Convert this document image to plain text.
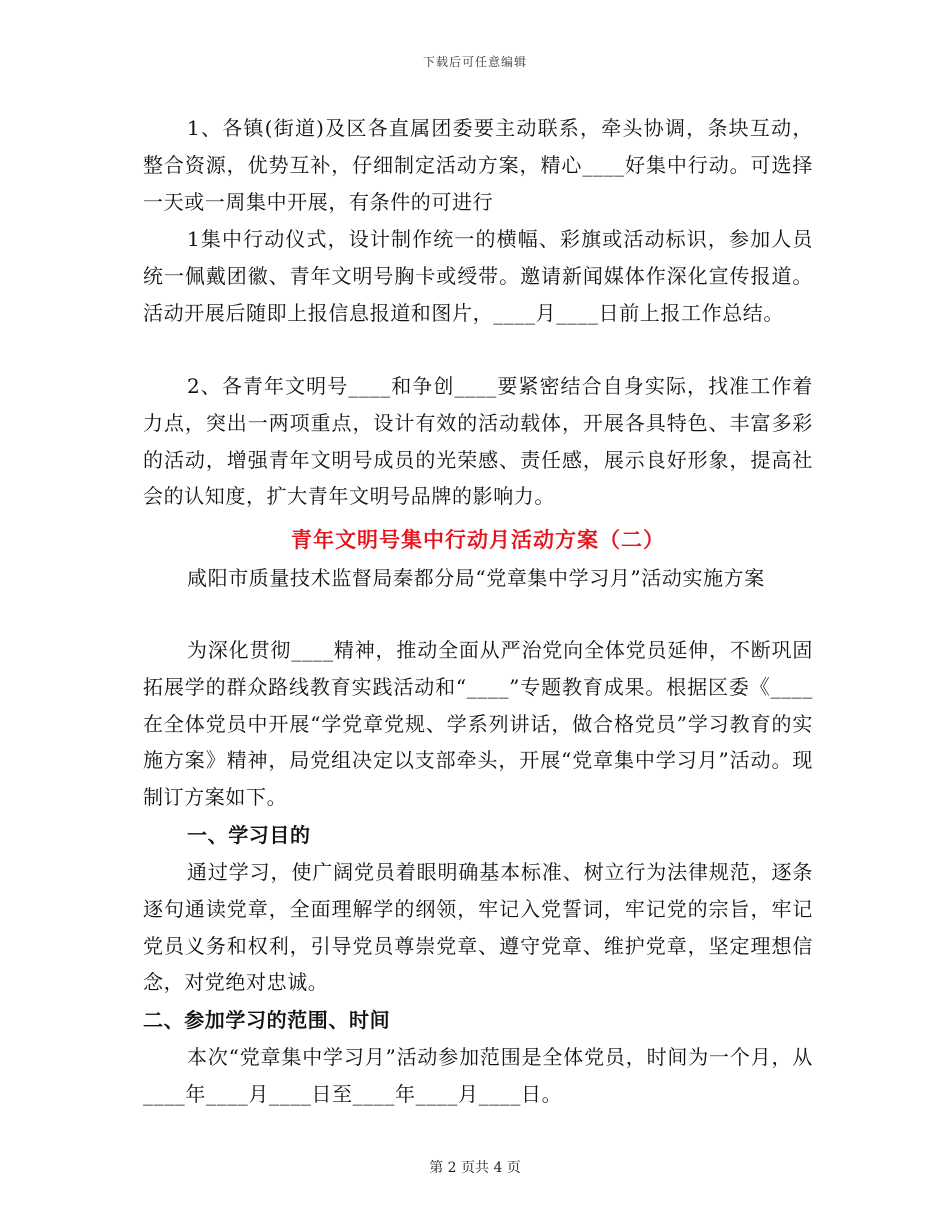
下载后可任意编辑

1、各镇(街道)及区各直属团委要主动联系，牵头协调，条块互动，整合资源，优势互补，仔细制定活动方案，精心____好集中行动。可选择一天或一周集中开展，有条件的可进行

1集中行动仪式，设计制作统一的横幅、彩旗或活动标识，参加人员统一佩戴团徽、青年文明号胸卡或绶带。邀请新闻媒体作深化宣传报道。活动开展后随即上报信息报道和图片，____月____日前上报工作总结。

2、各青年文明号____和争创____要紧密结合自身实际，找准工作着力点，突出一两项重点，设计有效的活动载体，开展各具特色、丰富多彩的活动，增强青年文明号成员的光荣感、责任感，展示良好形象，提高社会的认知度，扩大青年文明号品牌的影响力。

青年文明号集中行动月活动方案（二）

咸阳市质量技术监督局秦都分局“党章集中学习月”活动实施方案

为深化贯彻____精神，推动全面从严治党向全体党员延伸，不断巩固拓展学的群众路线教育实践活动和“____”专题教育成果。根据区委《____在全体党员中开展“学党章党规、学系列讲话，做合格党员”学习教育的实施方案》精神，局党组决定以支部牵头，开展“党章集中学习月”活动。现制订方案如下。

一、学习目的

通过学习，使广阔党员着眼明确基本标准、树立行为法律规范，逐条逐句通读党章，全面理解学的纲领，牢记入党誓词，牢记党的宗旨，牢记党员义务和权利，引导党员尊崇党章、遵守党章、维护党章，坚定理想信念，对党绝对忠诚。

二、参加学习的范围、时间

本次“党章集中学习月”活动参加范围是全体党员，时间为一个月，从____年____月____日至____年____月____日。

第 2 页共 4 页
